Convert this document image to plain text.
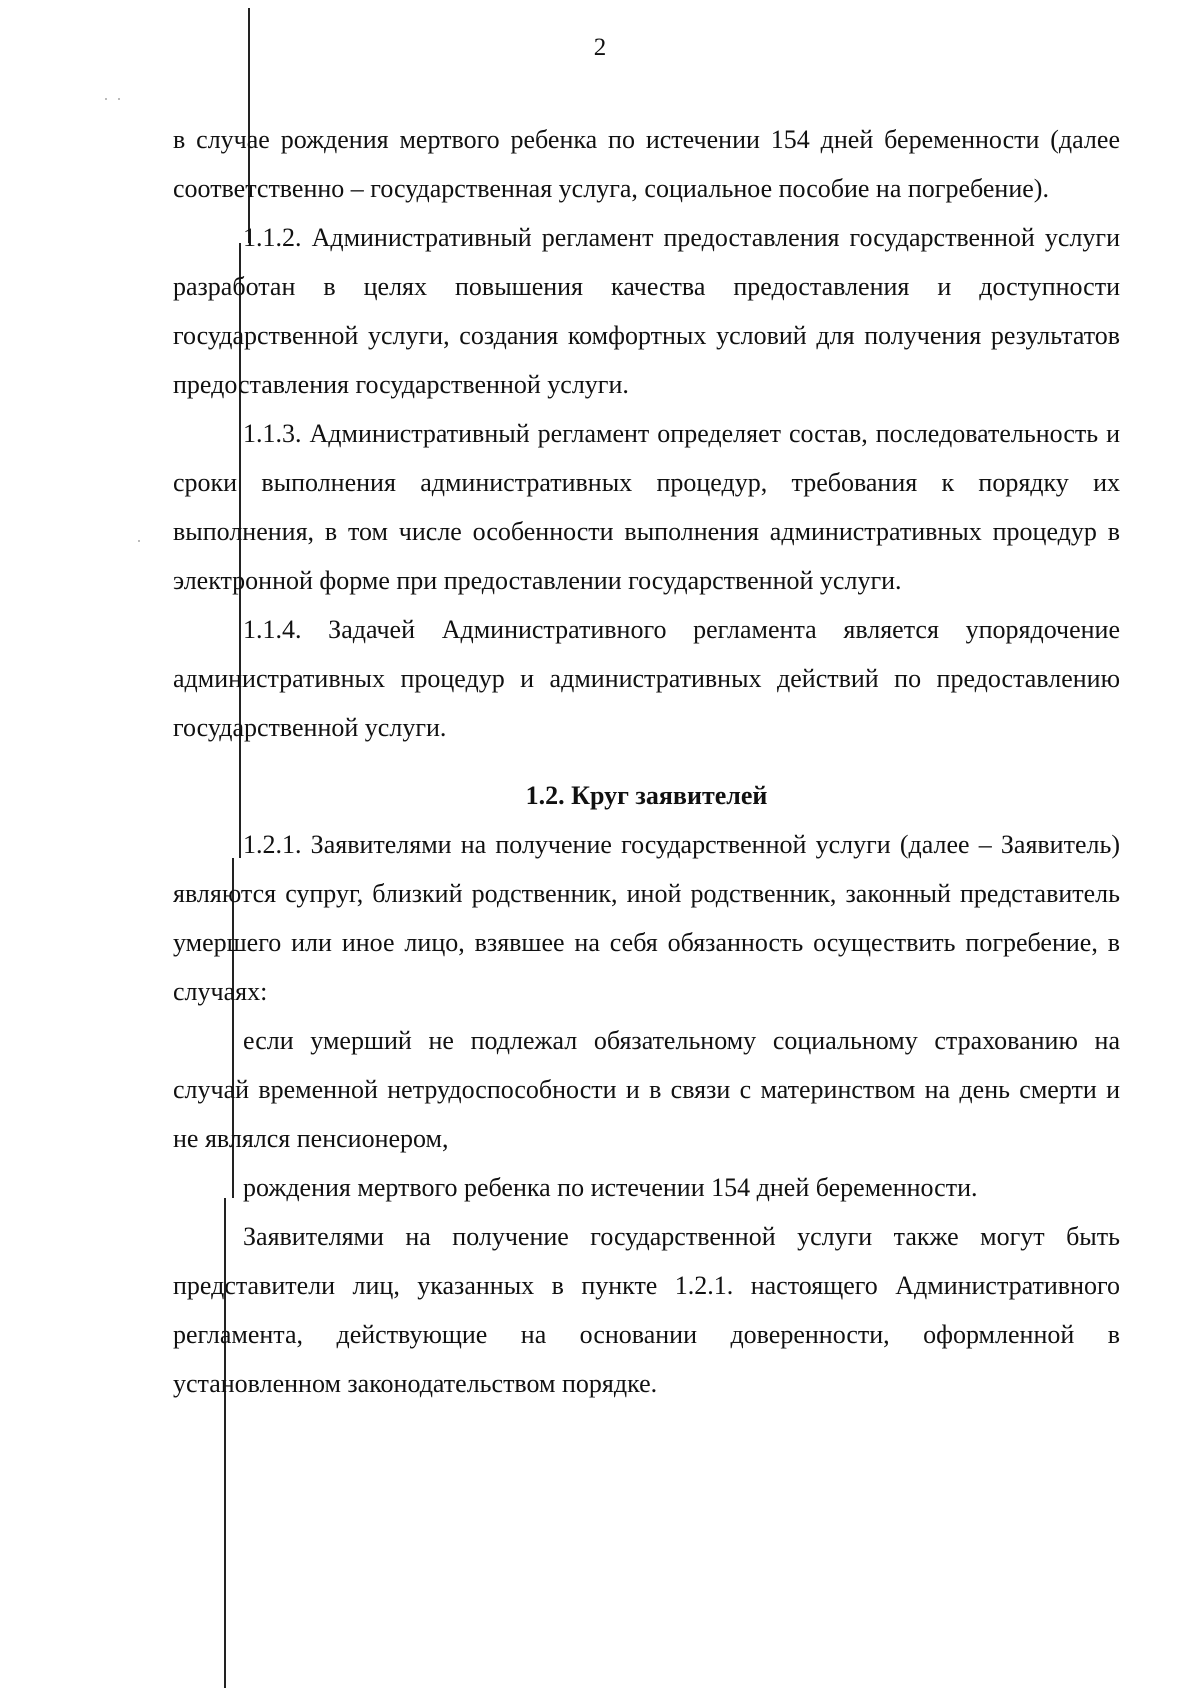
2

в случае рождения мертвого ребенка по истечении 154 дней беременности (далее соответственно – государственная услуга, социальное пособие на погребение).

1.1.2. Административный регламент предоставления государственной услуги разработан в целях повышения качества предоставления и доступности государственной услуги, создания комфортных условий для получения результатов предоставления государственной услуги.

1.1.3. Административный регламент определяет состав, последовательность и сроки выполнения административных процедур, требования к порядку их выполнения, в том числе особенности выполнения административных процедур в электронной форме при предоставлении государственной услуги.

1.1.4. Задачей Административного регламента является упорядочение административных процедур и административных действий по предоставлению государственной услуги.

1.2. Круг заявителей

1.2.1. Заявителями на получение государственной услуги (далее – Заявитель) являются супруг, близкий родственник, иной родственник, законный представитель умершего или иное лицо, взявшее на себя обязанность осуществить погребение, в случаях:

если умерший не подлежал обязательному социальному страхованию на случай временной нетрудоспособности и в связи с материнством на день смерти и не являлся пенсионером,

рождения мертвого ребенка по истечении 154 дней беременности.

Заявителями на получение государственной услуги также могут быть представители лиц, указанных в пункте 1.2.1. настоящего Административного регламента, действующие на основании доверенности, оформленной в установленном законодательством порядке.
